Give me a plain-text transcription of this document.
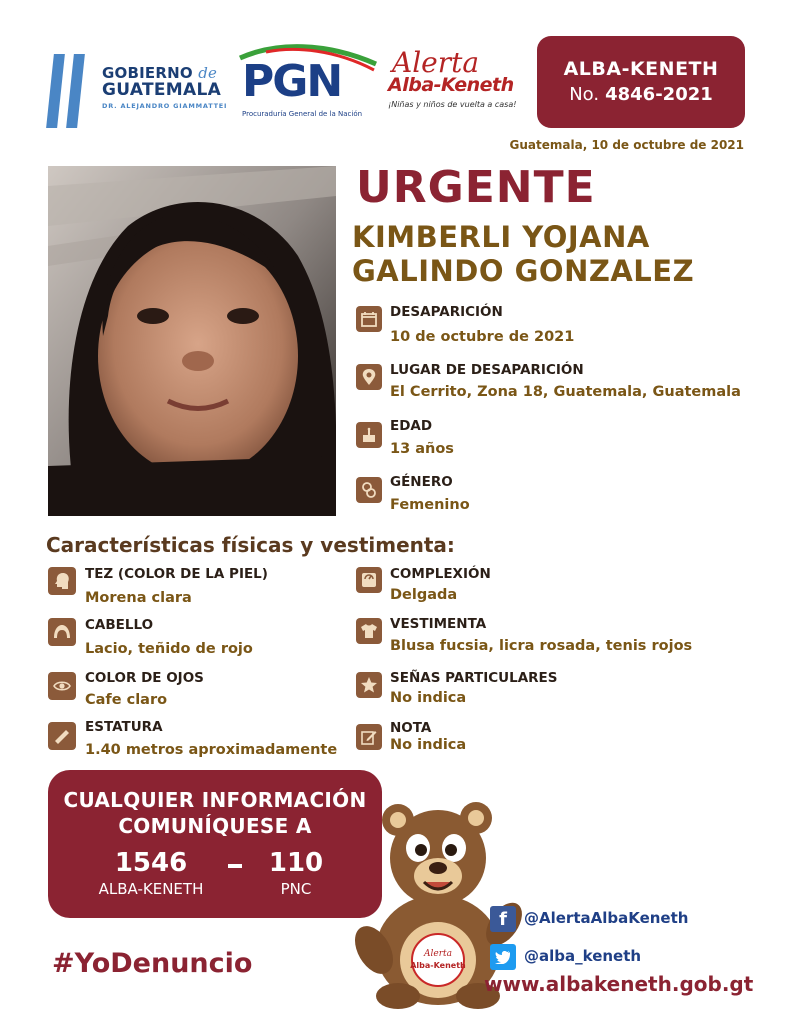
GOBIERNO de
GUATEMALA
DR. ALEJANDRO GIAMMATTEI PGN
Procuraduría General de la Nación
Alerta
Alba-Keneth
¡Niñas y niños de vuelta a casa!
ALBA-KENETH
No. 4846-2021
Guatemala, 10 de octubre de 2021
URGENTE
KIMBERLI YOJANA
GALINDO GONZALEZ
DESAPARICIÓN
10 de octubre de 2021
LUGAR DE DESAPARICIÓN
El Cerrito, Zona 18, Guatemala, Guatemala
EDAD
13 años
GÉNERO
Femenino
Características físicas y vestimenta:
TEZ (COLOR DE LA PIEL)
Morena clara
CABELLO
Lacio, teñido de rojo
COLOR DE OJOS
Cafe claro
ESTATURA
1.40 metros aproximadamente
COMPLEXIÓN
Delgada
VESTIMENTA
Blusa fucsia, licra rosada, tenis rojos
SEÑAS PARTICULARES
No indica
NOTA
No indica
CUALQUIER INFORMACIÓN
COMUNÍQUESE A
1546
ALBA-KENETH
110
PNC
#YoDenuncio	Alerta
Alba-Keneth
f	@AlertaAlbaKeneth
@alba_keneth
www.albakeneth.gob.gt
